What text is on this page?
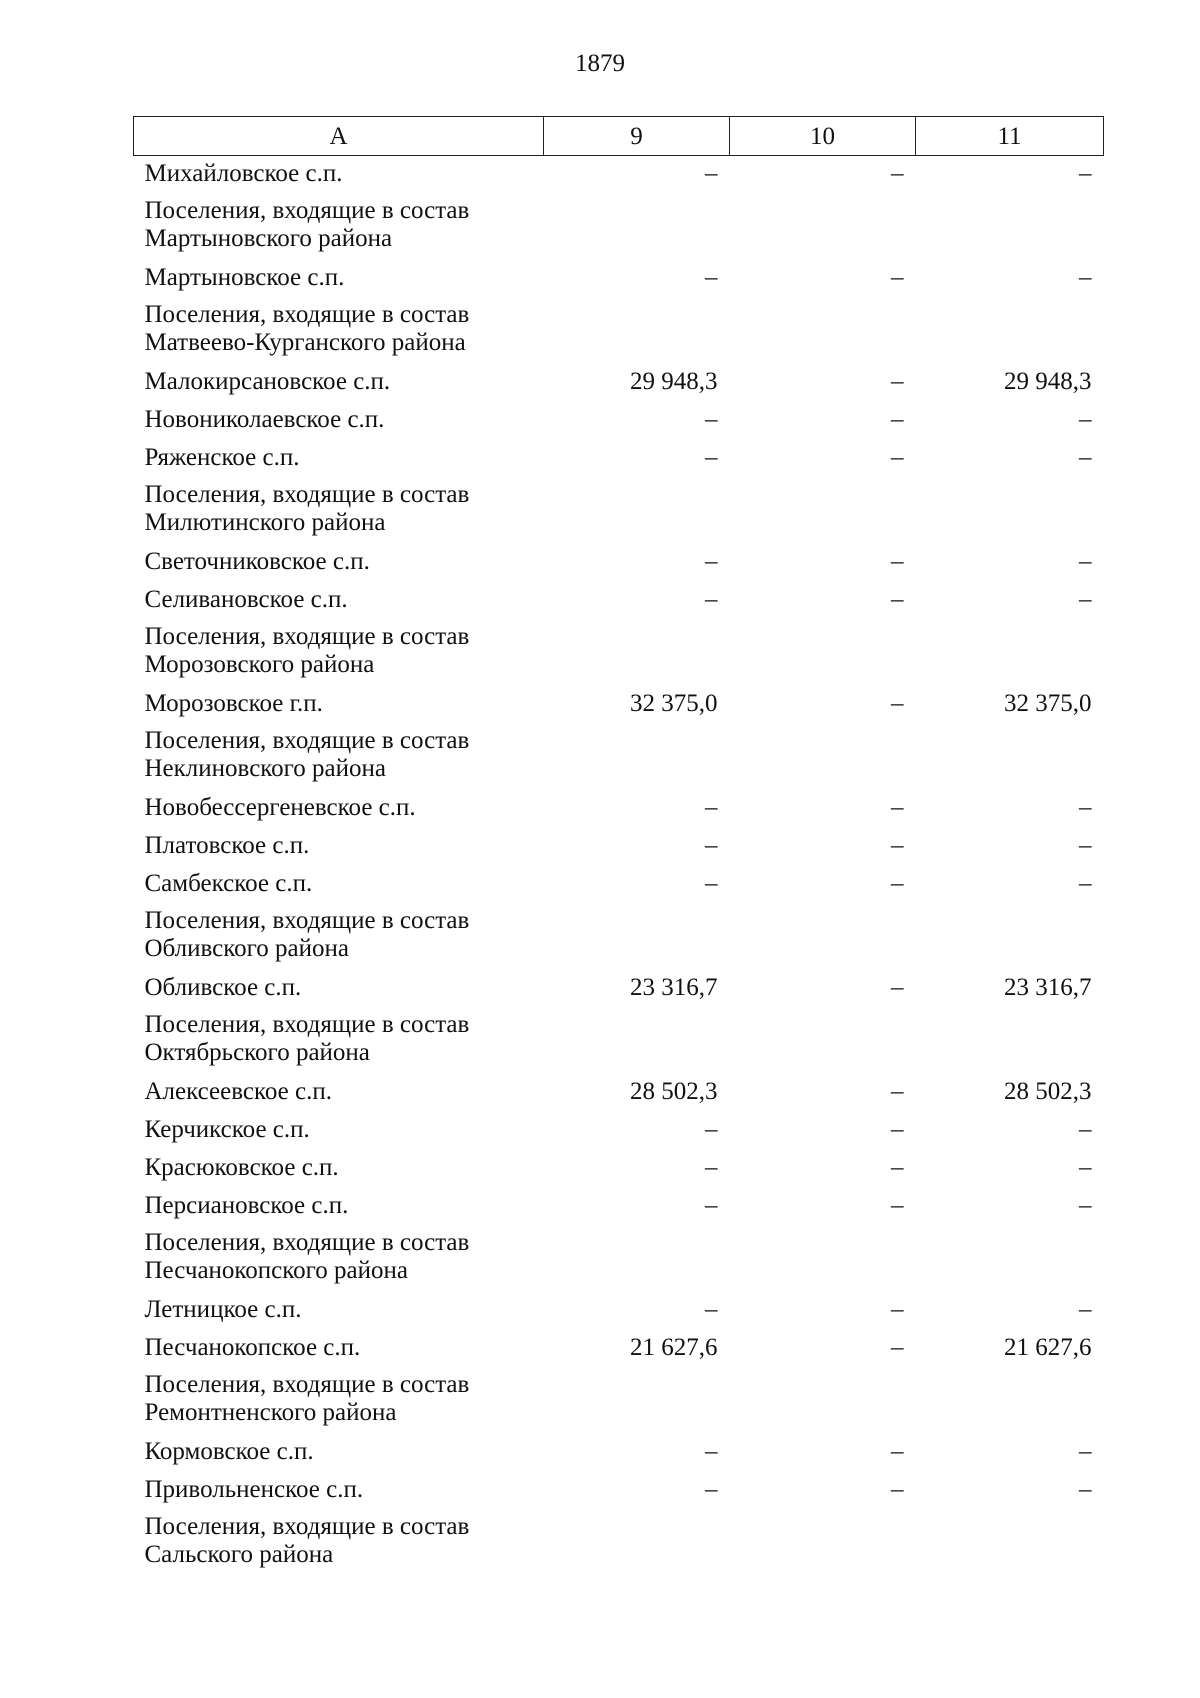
1879
А	9	10	11
Михайловское с.п.	–	–	–
Поселения, входящие в состав Мартыновского района			
Мартыновское с.п.	–	–	–
Поселения, входящие в состав Матвеево-Курганского района			
Малокирсановское с.п.	29 948,3	–	29 948,3
Новониколаевское с.п.	–	–	–
Ряженское с.п.	–	–	–
Поселения, входящие в состав Милютинского района			
Светочниковское с.п.	–	–	–
Селивановское с.п.	–	–	–
Поселения, входящие в состав Морозовского района			
Морозовское г.п.	32 375,0	–	32 375,0
Поселения, входящие в состав Неклиновского района			
Новобессергеневское с.п.	–	–	–
Платовское с.п.	–	–	–
Самбекское с.п.	–	–	–
Поселения, входящие в состав Обливского района			
Обливское с.п.	23 316,7	–	23 316,7
Поселения, входящие в состав Октябрьского района			
Алексеевское с.п.	28 502,3	–	28 502,3
Керчикское с.п.	–	–	–
Красюковское с.п.	–	–	–
Персиановское с.п.	–	–	–
Поселения, входящие в состав Песчанокопского района			
Летницкое с.п.	–	–	–
Песчанокопское с.п.	21 627,6	–	21 627,6
Поселения, входящие в состав Ремонтненского района			
Кормовское с.п.	–	–	–
Привольненское с.п.	–	–	–
Поселения, входящие в состав Сальского района			
